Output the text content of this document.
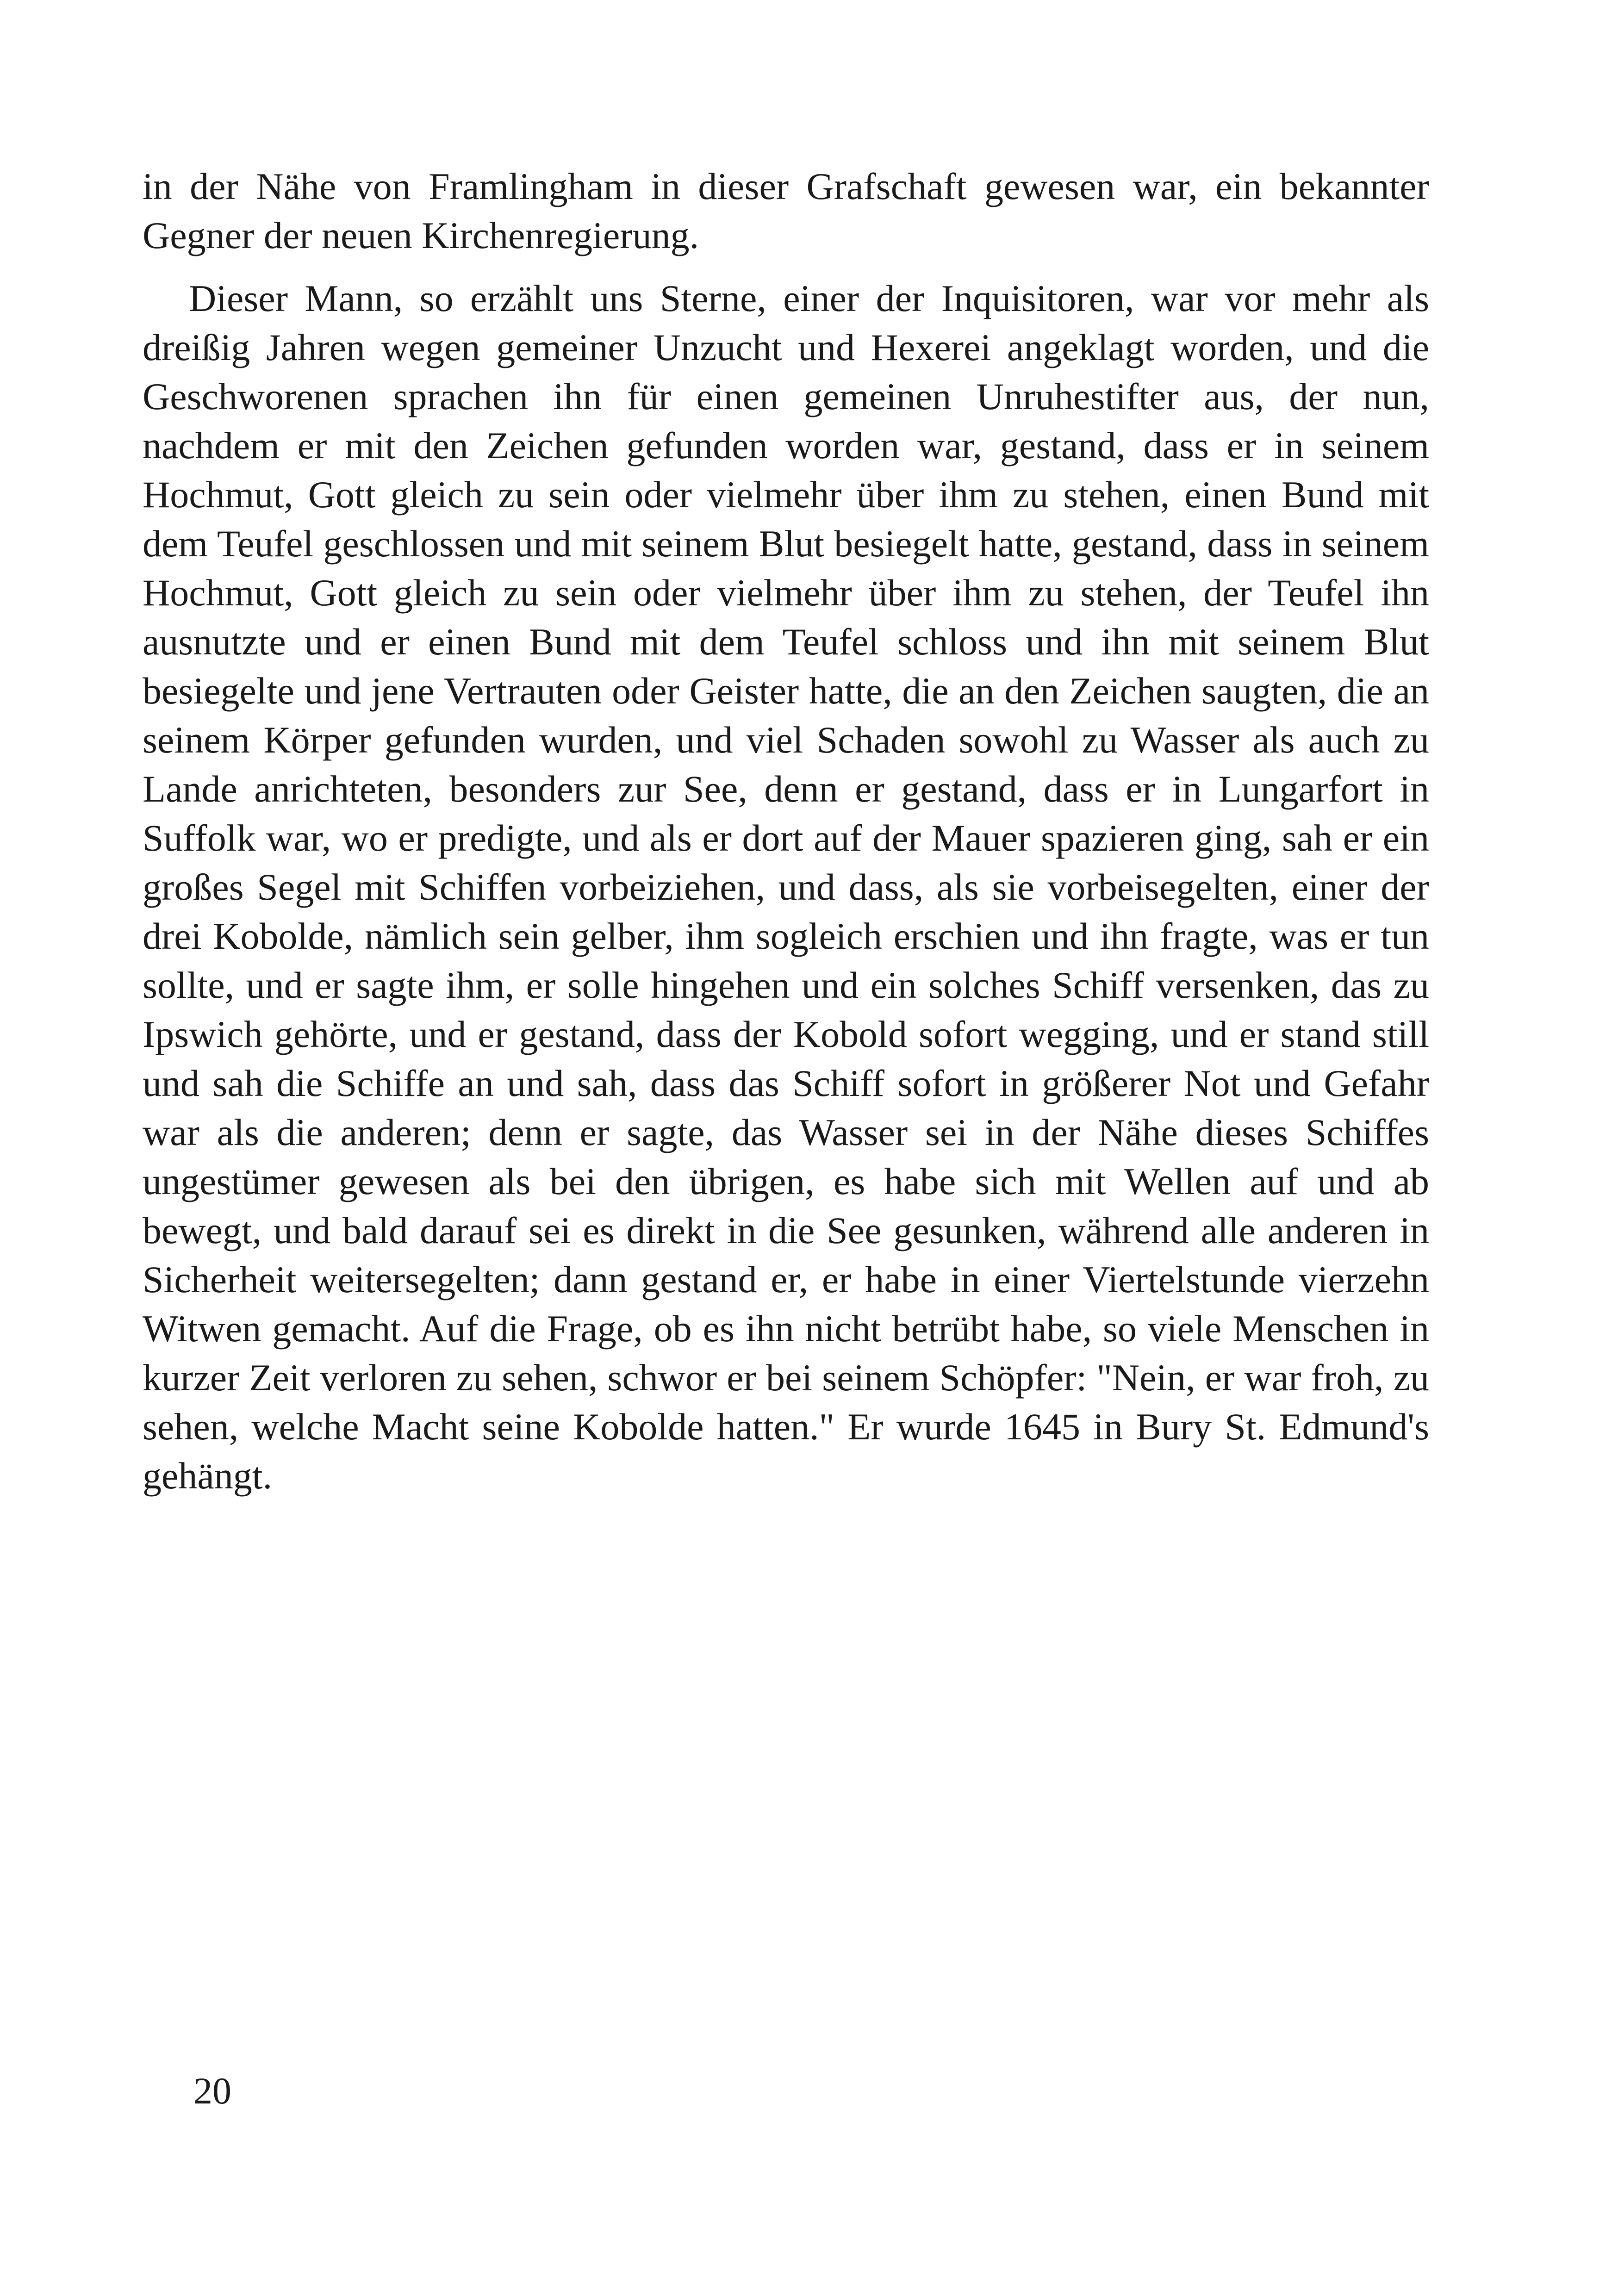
in der Nähe von Framlingham in dieser Grafschaft gewesen war, ein bekannter Gegner der neuen Kirchenregierung.

Dieser Mann, so erzählt uns Sterne, einer der Inquisitoren, war vor mehr als dreißig Jahren wegen gemeiner Unzucht und Hexerei angeklagt worden, und die Geschworenen sprachen ihn für einen gemeinen Unruhestifter aus, der nun, nachdem er mit den Zeichen gefunden worden war, gestand, dass er in seinem Hochmut, Gott gleich zu sein oder vielmehr über ihm zu stehen, einen Bund mit dem Teufel geschlossen und mit seinem Blut besiegelt hatte, gestand, dass in seinem Hochmut, Gott gleich zu sein oder vielmehr über ihm zu stehen, der Teufel ihn ausnutzte und er einen Bund mit dem Teufel schloss und ihn mit seinem Blut besiegelte und jene Vertrauten oder Geister hatte, die an den Zeichen saugten, die an seinem Körper gefunden wurden, und viel Schaden sowohl zu Wasser als auch zu Lande anrichteten, besonders zur See, denn er gestand, dass er in Lungarfort in Suffolk war, wo er predigte, und als er dort auf der Mauer spazieren ging, sah er ein großes Segel mit Schiffen vorbeiziehen, und dass, als sie vorbeisegelten, einer der drei Kobolde, nämlich sein gelber, ihm sogleich erschien und ihn fragte, was er tun sollte, und er sagte ihm, er solle hingehen und ein solches Schiff versenken, das zu Ipswich gehörte, und er gestand, dass der Kobold sofort wegging, und er stand still und sah die Schiffe an und sah, dass das Schiff sofort in größerer Not und Gefahr war als die anderen; denn er sagte, das Wasser sei in der Nähe dieses Schiffes ungestümer gewesen als bei den übrigen, es habe sich mit Wellen auf und ab bewegt, und bald darauf sei es direkt in die See gesunken, während alle anderen in Sicherheit weitersegelten; dann gestand er, er habe in einer Viertelstunde vierzehn Witwen gemacht. Auf die Frage, ob es ihn nicht betrübt habe, so viele Menschen in kurzer Zeit verloren zu sehen, schwor er bei seinem Schöpfer: "Nein, er war froh, zu sehen, welche Macht seine Kobolde hatten." Er wurde 1645 in Bury St. Edmund's gehängt.

20
